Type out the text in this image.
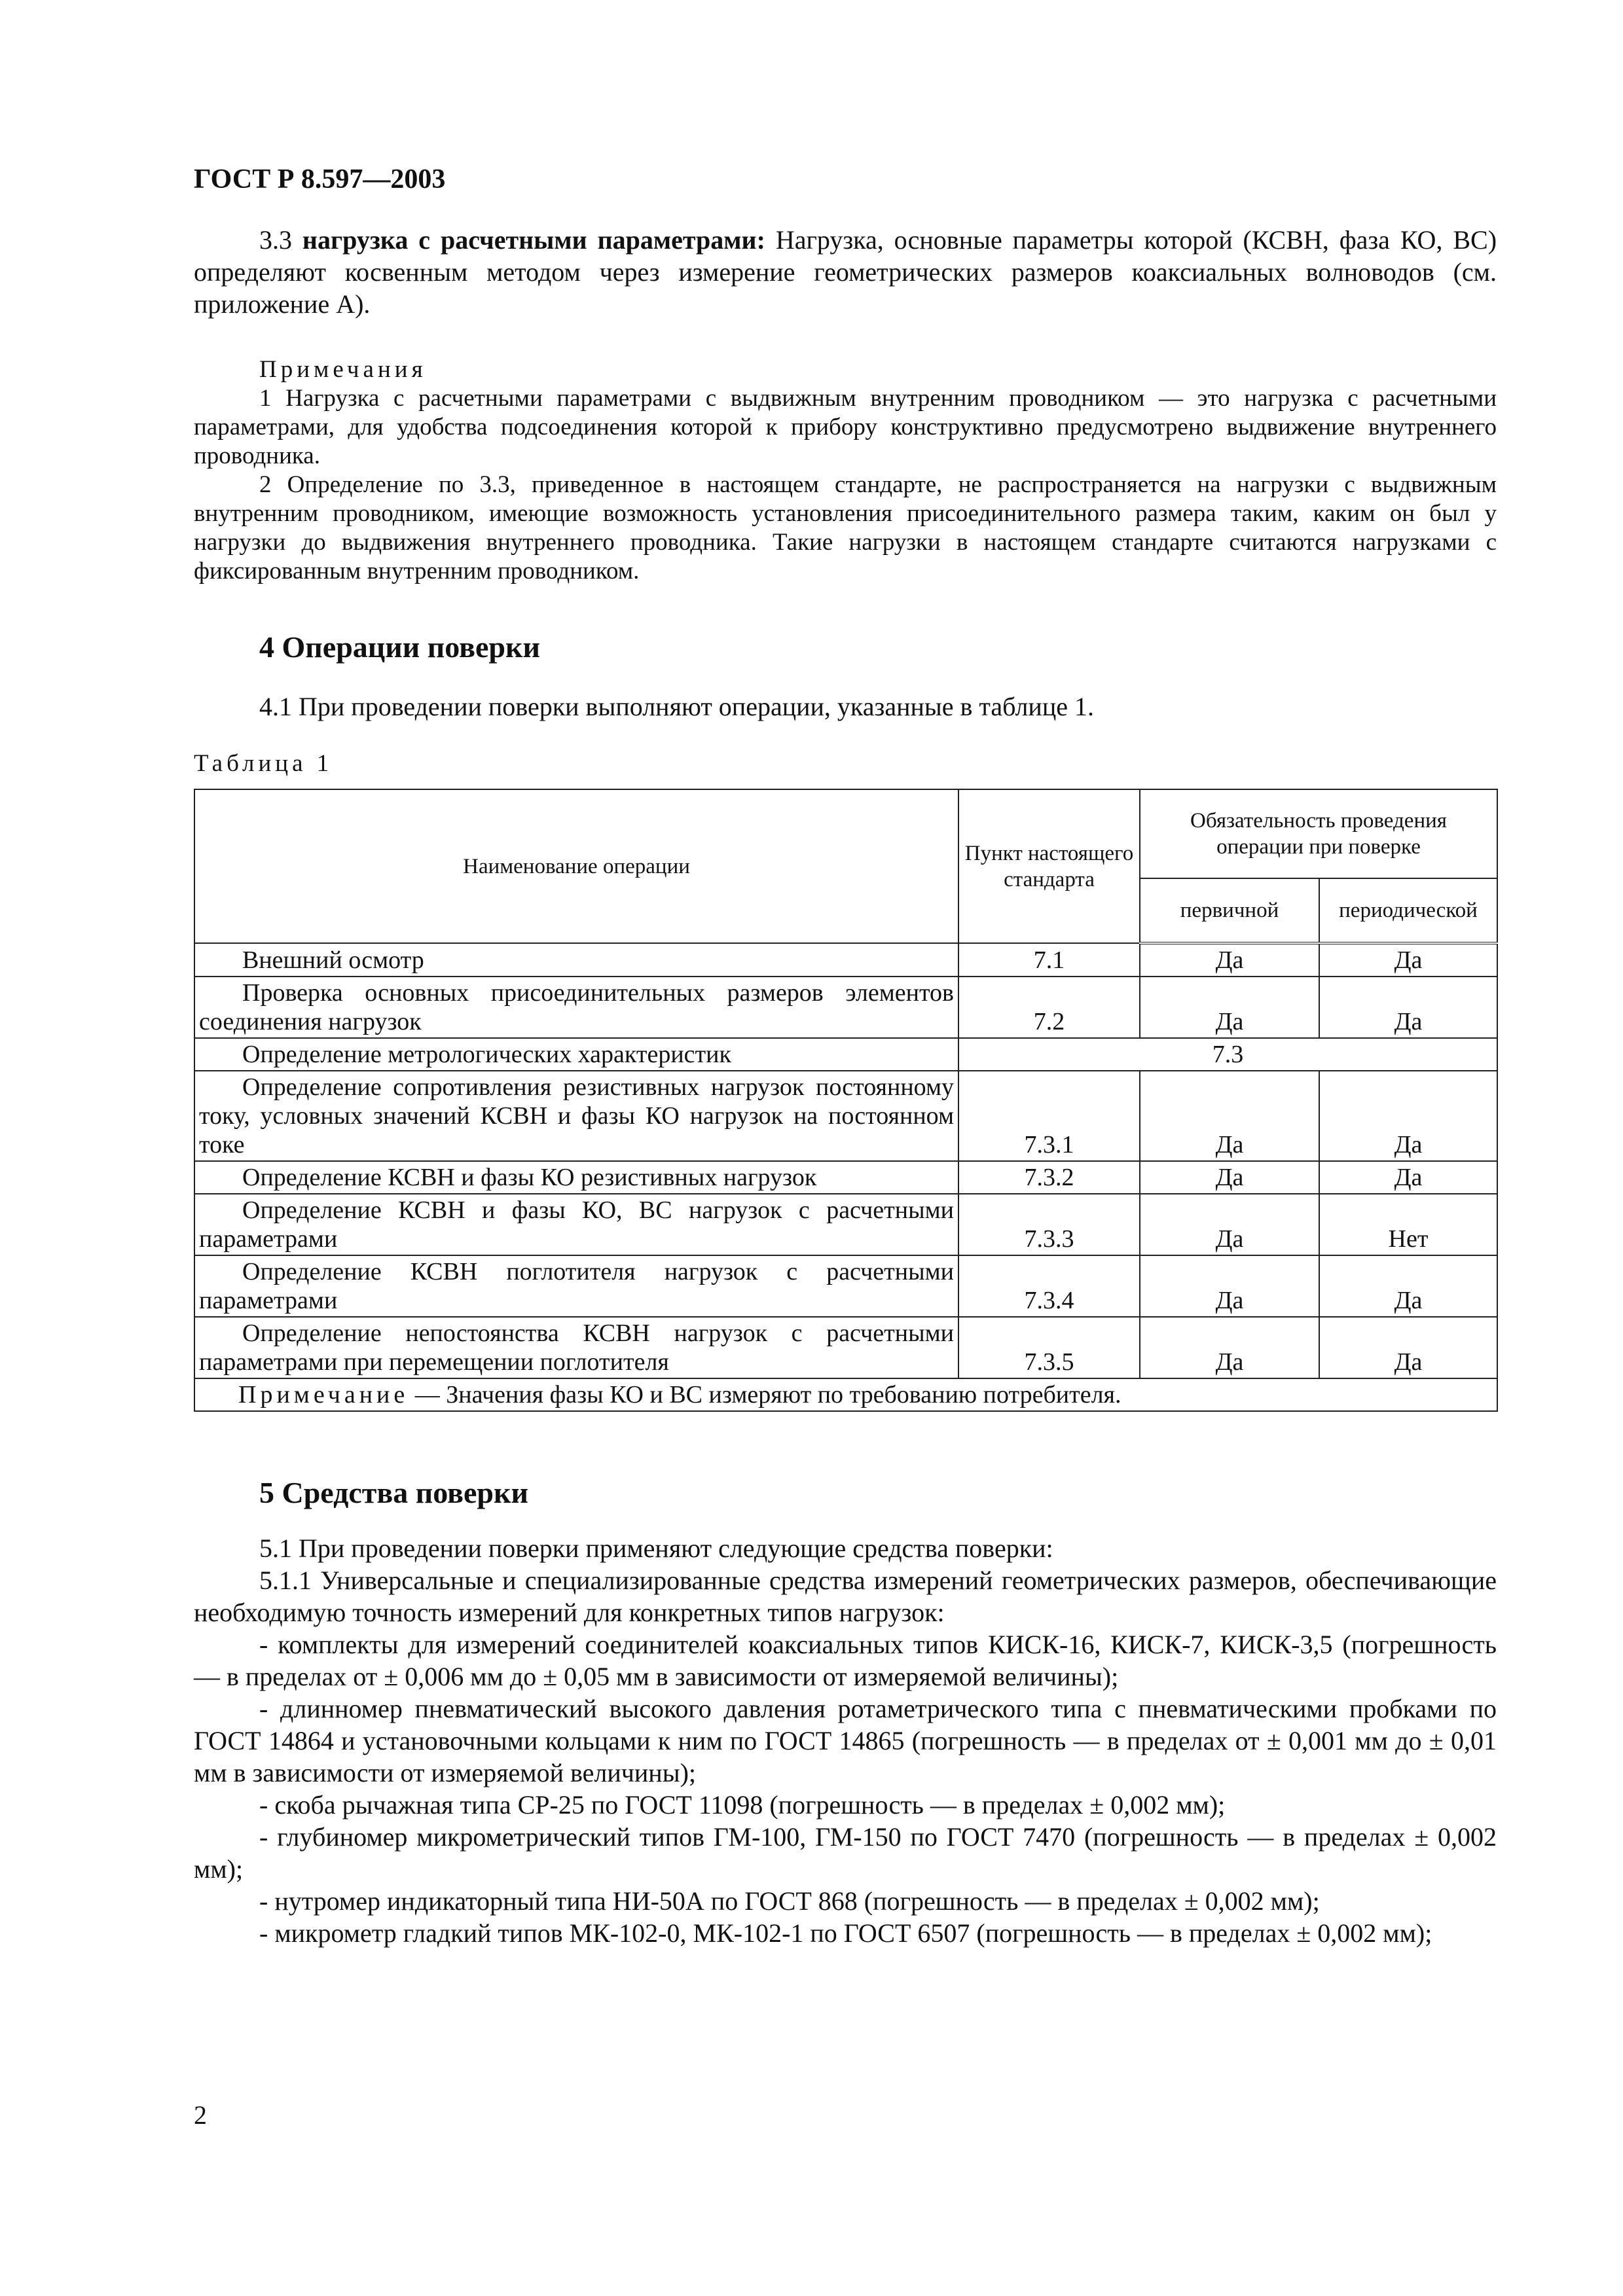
ГОСТ Р 8.597—2003

3.3 нагрузка с расчетными параметрами: Нагрузка, основные параметры которой (КСВН, фаза КО, ВС) определяют косвенным методом через измерение геометрических размеров коаксиальных волноводов (см. приложение А).

Примечания

1 Нагрузка с расчетными параметрами с выдвижным внутренним проводником — это нагрузка с расчетными параметрами, для удобства подсоединения которой к прибору конструктивно предусмотрено выдвижение внутреннего проводника.

2 Определение по 3.3, приведенное в настоящем стандарте, не распространяется на нагрузки с выдвижным внутренним проводником, имеющие возможность установления присоединительного размера таким, каким он был у нагрузки до выдвижения внутреннего проводника. Такие нагрузки в настоящем стандарте считаются нагрузками с фиксированным внутренним проводником.

4 Операции поверки

4.1 При проведении поверки выполняют операции, указанные в таблице 1.

Таблица 1
Наименование операции	Пункт настоящего стандарта	Обязательность проведения операции при поверке	
		первичной	периодической

Внешний осмотр	7.1	Да	Да

Проверка основных присоединительных размеров элементов соединения нагрузок	7.2	Да	Да

Определение метрологических характеристик	7.3		

Определение сопротивления резистивных нагрузок постоянному току, условных значений КСВН и фазы КО нагрузок на постоянном токе	7.3.1	Да	Да

Определение КСВН и фазы КО резистивных нагрузок	7.3.2	Да	Да

Определение КСВН и фазы КО, ВС нагрузок с расчетными параметрами	7.3.3	Да	Нет

Определение КСВН поглотителя нагрузок с расчетными параметрами	7.3.4	Да	Да

Определение непостоянства КСВН нагрузок с расчетными параметрами при перемещении поглотителя	7.3.5	Да	Да
Примечание — Значения фазы КО и ВС измеряют по требованию потребителя.			
5 Средства поверки

5.1 При проведении поверки применяют следующие средства поверки:

5.1.1 Универсальные и специализированные средства измерений геометрических размеров, обеспечивающие необходимую точность измерений для конкретных типов нагрузок:

- комплекты для измерений соединителей коаксиальных типов КИСК-16, КИСК-7, КИСК-3,5 (погрешность — в пределах от ± 0,006 мм до ± 0,05 мм в зависимости от измеряемой величины);

- длинномер пневматический высокого давления ротаметрического типа с пневматическими пробками по ГОСТ 14864 и установочными кольцами к ним по ГОСТ 14865 (погрешность — в пределах от ± 0,001 мм до ± 0,01 мм в зависимости от измеряемой величины);

- скоба рычажная типа СР-25 по ГОСТ 11098 (погрешность — в пределах ± 0,002 мм);

- глубиномер микрометрический типов ГМ-100, ГМ-150 по ГОСТ 7470 (погрешность — в пределах ± 0,002 мм);

- нутромер индикаторный типа НИ-50А по ГОСТ 868 (погрешность — в пределах ± 0,002 мм);

- микрометр гладкий типов МК-102-0, МК-102-1 по ГОСТ 6507 (погрешность — в пределах ± 0,002 мм);

2
